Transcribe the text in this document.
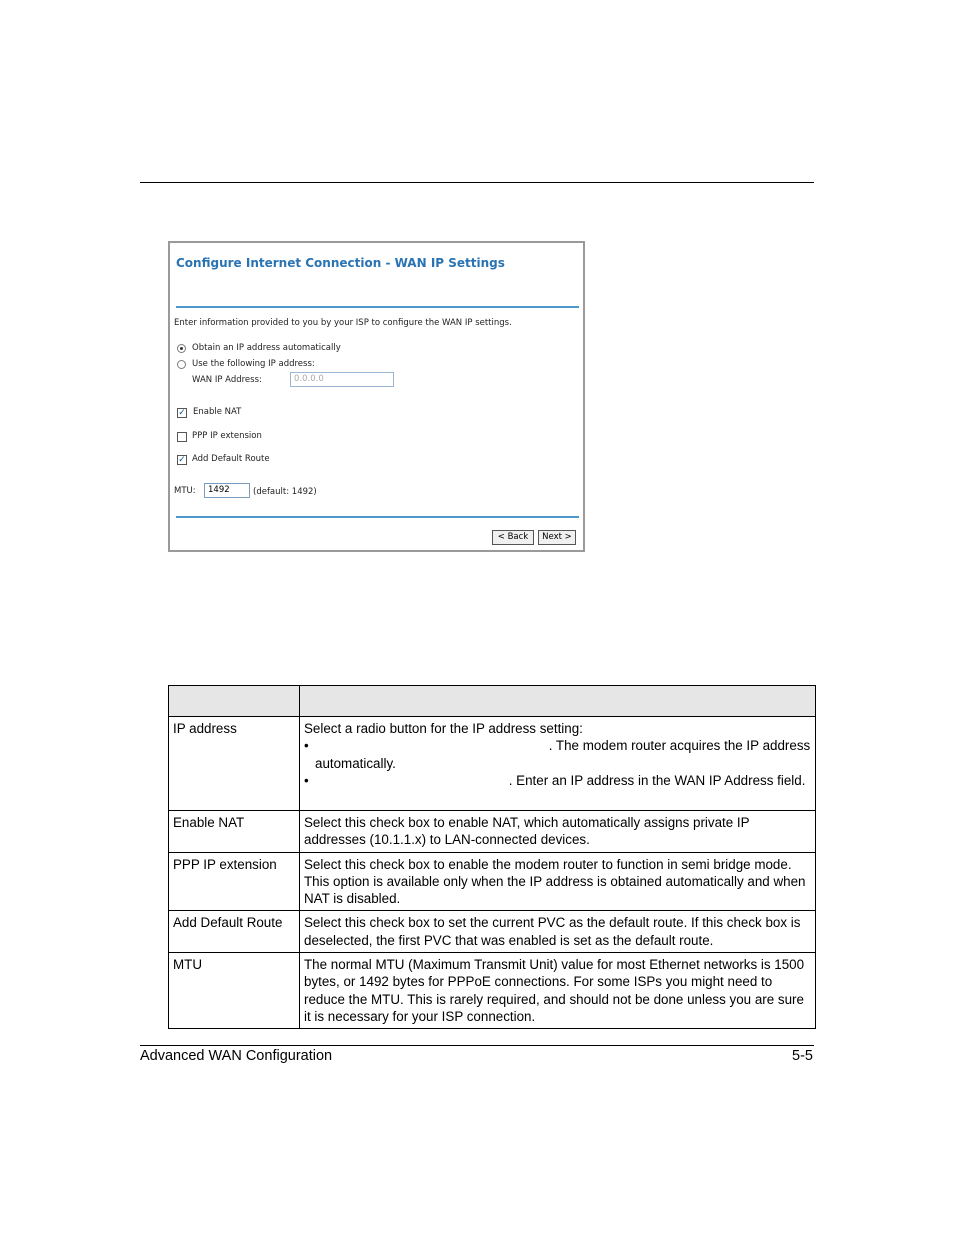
Configure Internet Connection - WAN IP Settings
Enter information provided to you by your ISP to configure the WAN IP settings.
Obtain an IP address automatically
Use the following IP address:
WAN IP Address:	0.0.0.0
✓ Enable NAT
PPP IP extension
✓ Add Default Route
MTU:	1492	(default: 1492)
< Back	Next >

IP address	Select a radio button for the IP address setting:
• . The modem router acquires the IP address automatically.
• . Enter an IP address in the WAN IP Address field.

Enable NAT	Select this check box to enable NAT, which automatically assigns private IP addresses (10.1.1.x) to LAN-connected devices.
PPP IP extension	Select this check box to enable the modem router to function in semi bridge mode. This option is available only when the IP address is obtained automatically and when NAT is disabled.
Add Default Route	Select this check box to set the current PVC as the default route. If this check box is deselected, the first PVC that was enabled is set as the default route.
MTU	The normal MTU (Maximum Transmit Unit) value for most Ethernet networks is 1500 bytes, or 1492 bytes for PPPoE connections. For some ISPs you might need to reduce the MTU. This is rarely required, and should not be done unless you are sure it is necessary for your ISP connection.
Advanced WAN Configuration	5-5
